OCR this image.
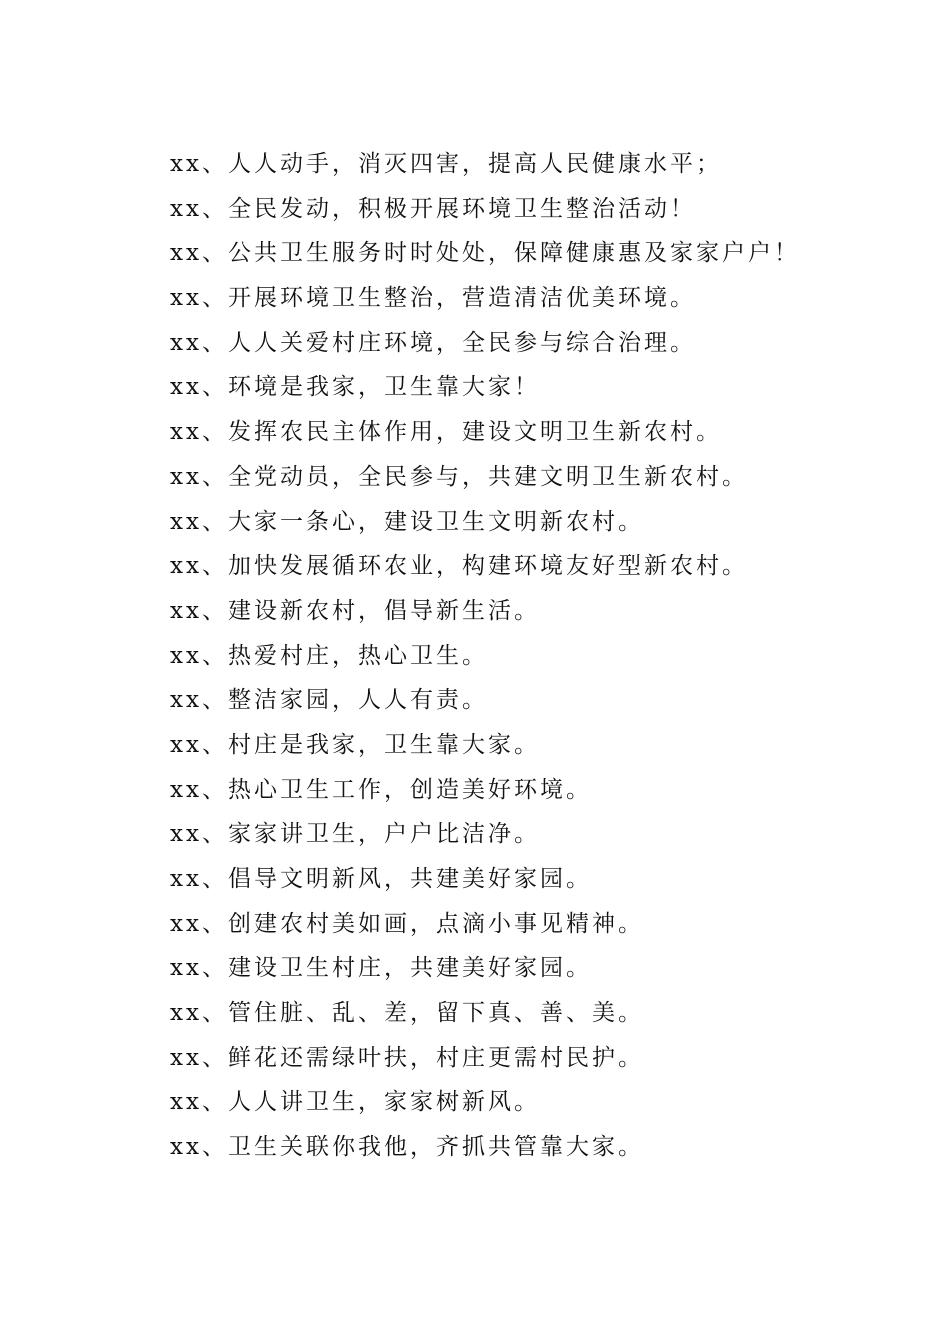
xx、人人动手，消灭四害，提高人民健康水平；
xx、全民发动，积极开展环境卫生整治活动！
xx、公共卫生服务时时处处，保障健康惠及家家户户！
xx、开展环境卫生整治，营造清洁优美环境。
xx、人人关爱村庄环境，全民参与综合治理。
xx、环境是我家，卫生靠大家！
xx、发挥农民主体作用，建设文明卫生新农村。
xx、全党动员，全民参与，共建文明卫生新农村。
xx、大家一条心，建设卫生文明新农村。
xx、加快发展循环农业，构建环境友好型新农村。
xx、建设新农村，倡导新生活。
xx、热爱村庄，热心卫生。
xx、整洁家园，人人有责。
xx、村庄是我家，卫生靠大家。
xx、热心卫生工作，创造美好环境。
xx、家家讲卫生，户户比洁净。
xx、倡导文明新风，共建美好家园。
xx、创建农村美如画，点滴小事见精神。
xx、建设卫生村庄，共建美好家园。
xx、管住脏、乱、差，留下真、善、美。
xx、鲜花还需绿叶扶，村庄更需村民护。
xx、人人讲卫生，家家树新风。
xx、卫生关联你我他，齐抓共管靠大家。
